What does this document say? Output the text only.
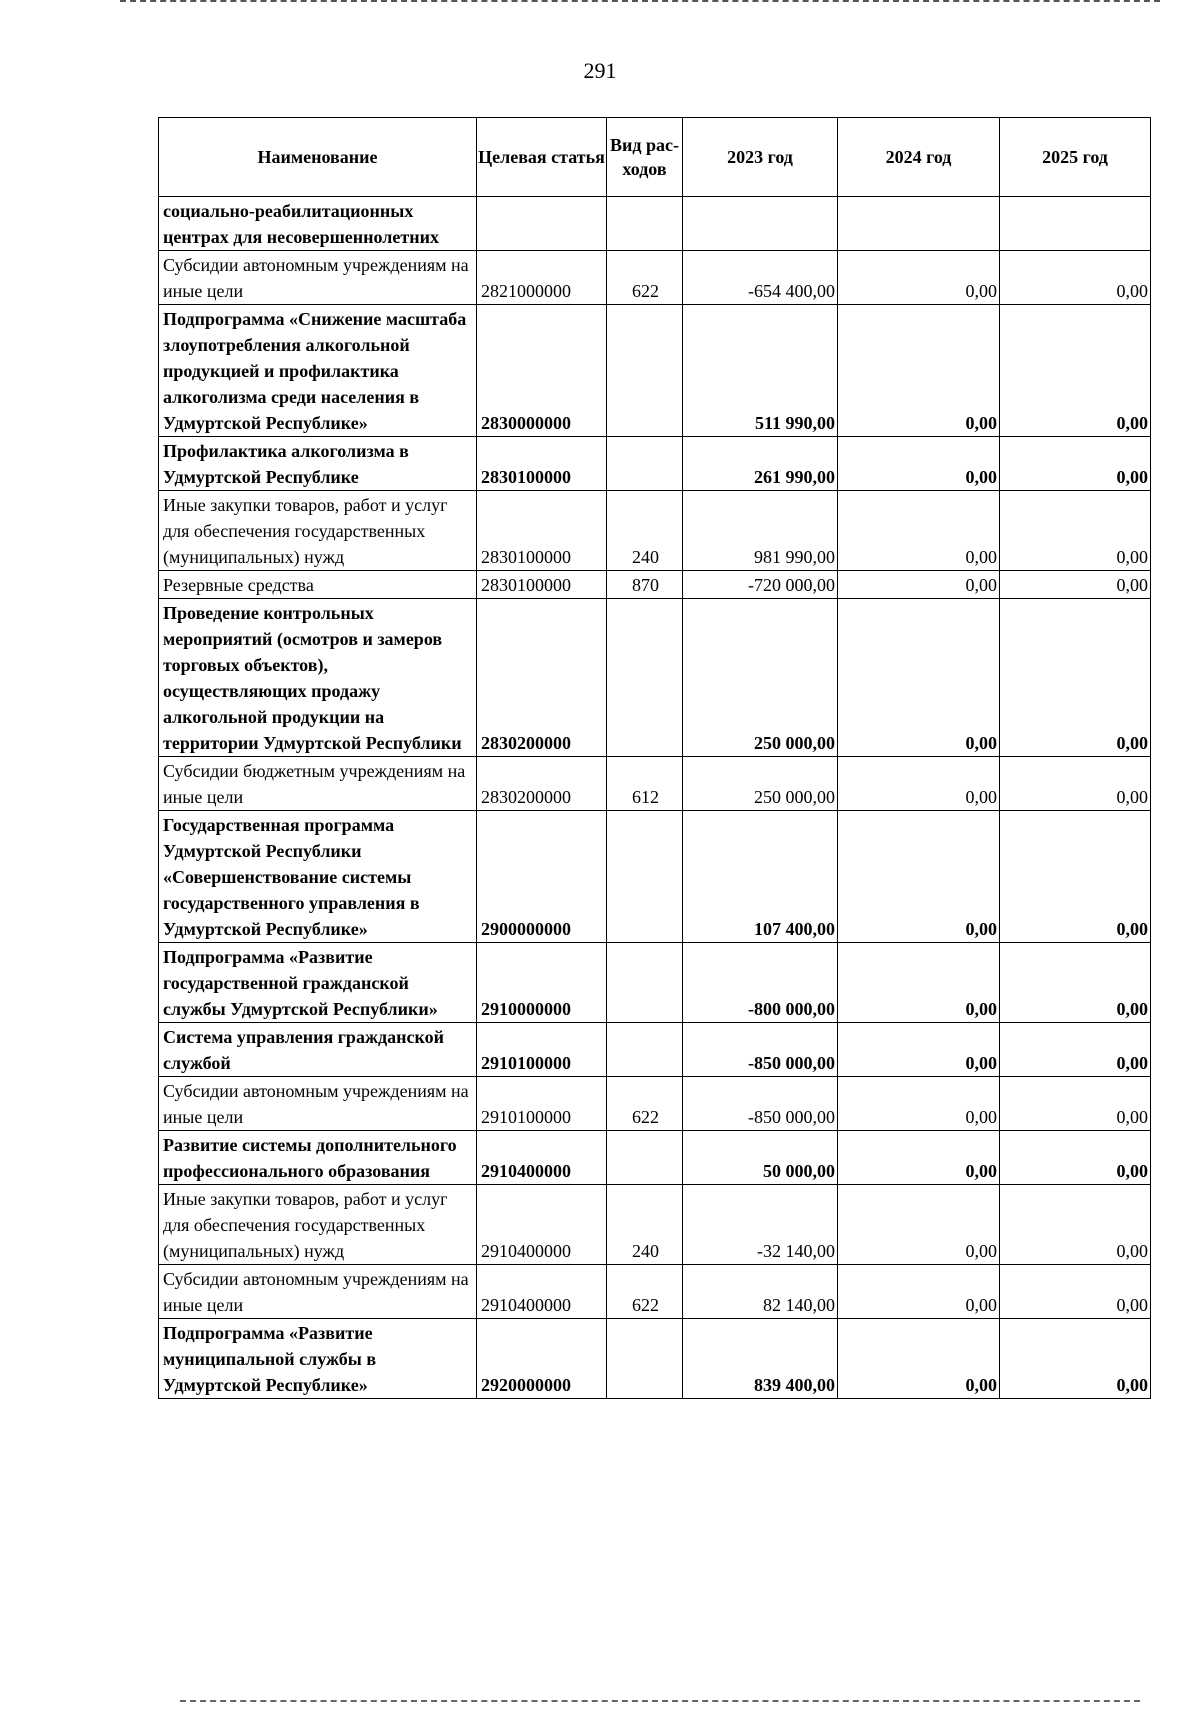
291
Наименование	Целевая статья	Вид рас-ходов	2023 год	2024 год	2025 год
социально-реабилитационных центрах для несовершеннолетних					
Субсидии автономным учреждениям на иные цели	2821000000	622	-654 400,00	0,00	0,00
Подпрограмма «Снижение масштаба злоупотребления алкогольной продукцией и профилактика алкоголизма среди населения в Удмуртской Республике»	2830000000		511 990,00	0,00	0,00
Профилактика алкоголизма в Удмуртской Республике	2830100000		261 990,00	0,00	0,00
Иные закупки товаров, работ и услуг для обеспечения государственных (муниципальных) нужд	2830100000	240	981 990,00	0,00	0,00
Резервные средства	2830100000	870	-720 000,00	0,00	0,00
Проведение контрольных мероприятий (осмотров и замеров торговых объектов), осуществляющих продажу алкогольной продукции на территории Удмуртской Республики	2830200000		250 000,00	0,00	0,00
Субсидии бюджетным учреждениям на иные цели	2830200000	612	250 000,00	0,00	0,00
Государственная программа Удмуртской Республики «Совершенствование системы государственного управления в Удмуртской Республике»	2900000000		107 400,00	0,00	0,00
Подпрограмма «Развитие государственной гражданской службы Удмуртской Республики»	2910000000		-800 000,00	0,00	0,00
Система управления гражданской службой	2910100000		-850 000,00	0,00	0,00
Субсидии автономным учреждениям на иные цели	2910100000	622	-850 000,00	0,00	0,00
Развитие системы дополнительного профессионального образования	2910400000		50 000,00	0,00	0,00
Иные закупки товаров, работ и услуг для обеспечения государственных (муниципальных) нужд	2910400000	240	-32 140,00	0,00	0,00
Субсидии автономным учреждениям на иные цели	2910400000	622	82 140,00	0,00	0,00
Подпрограмма «Развитие муниципальной службы в Удмуртской Республике»	2920000000		839 400,00	0,00	0,00
